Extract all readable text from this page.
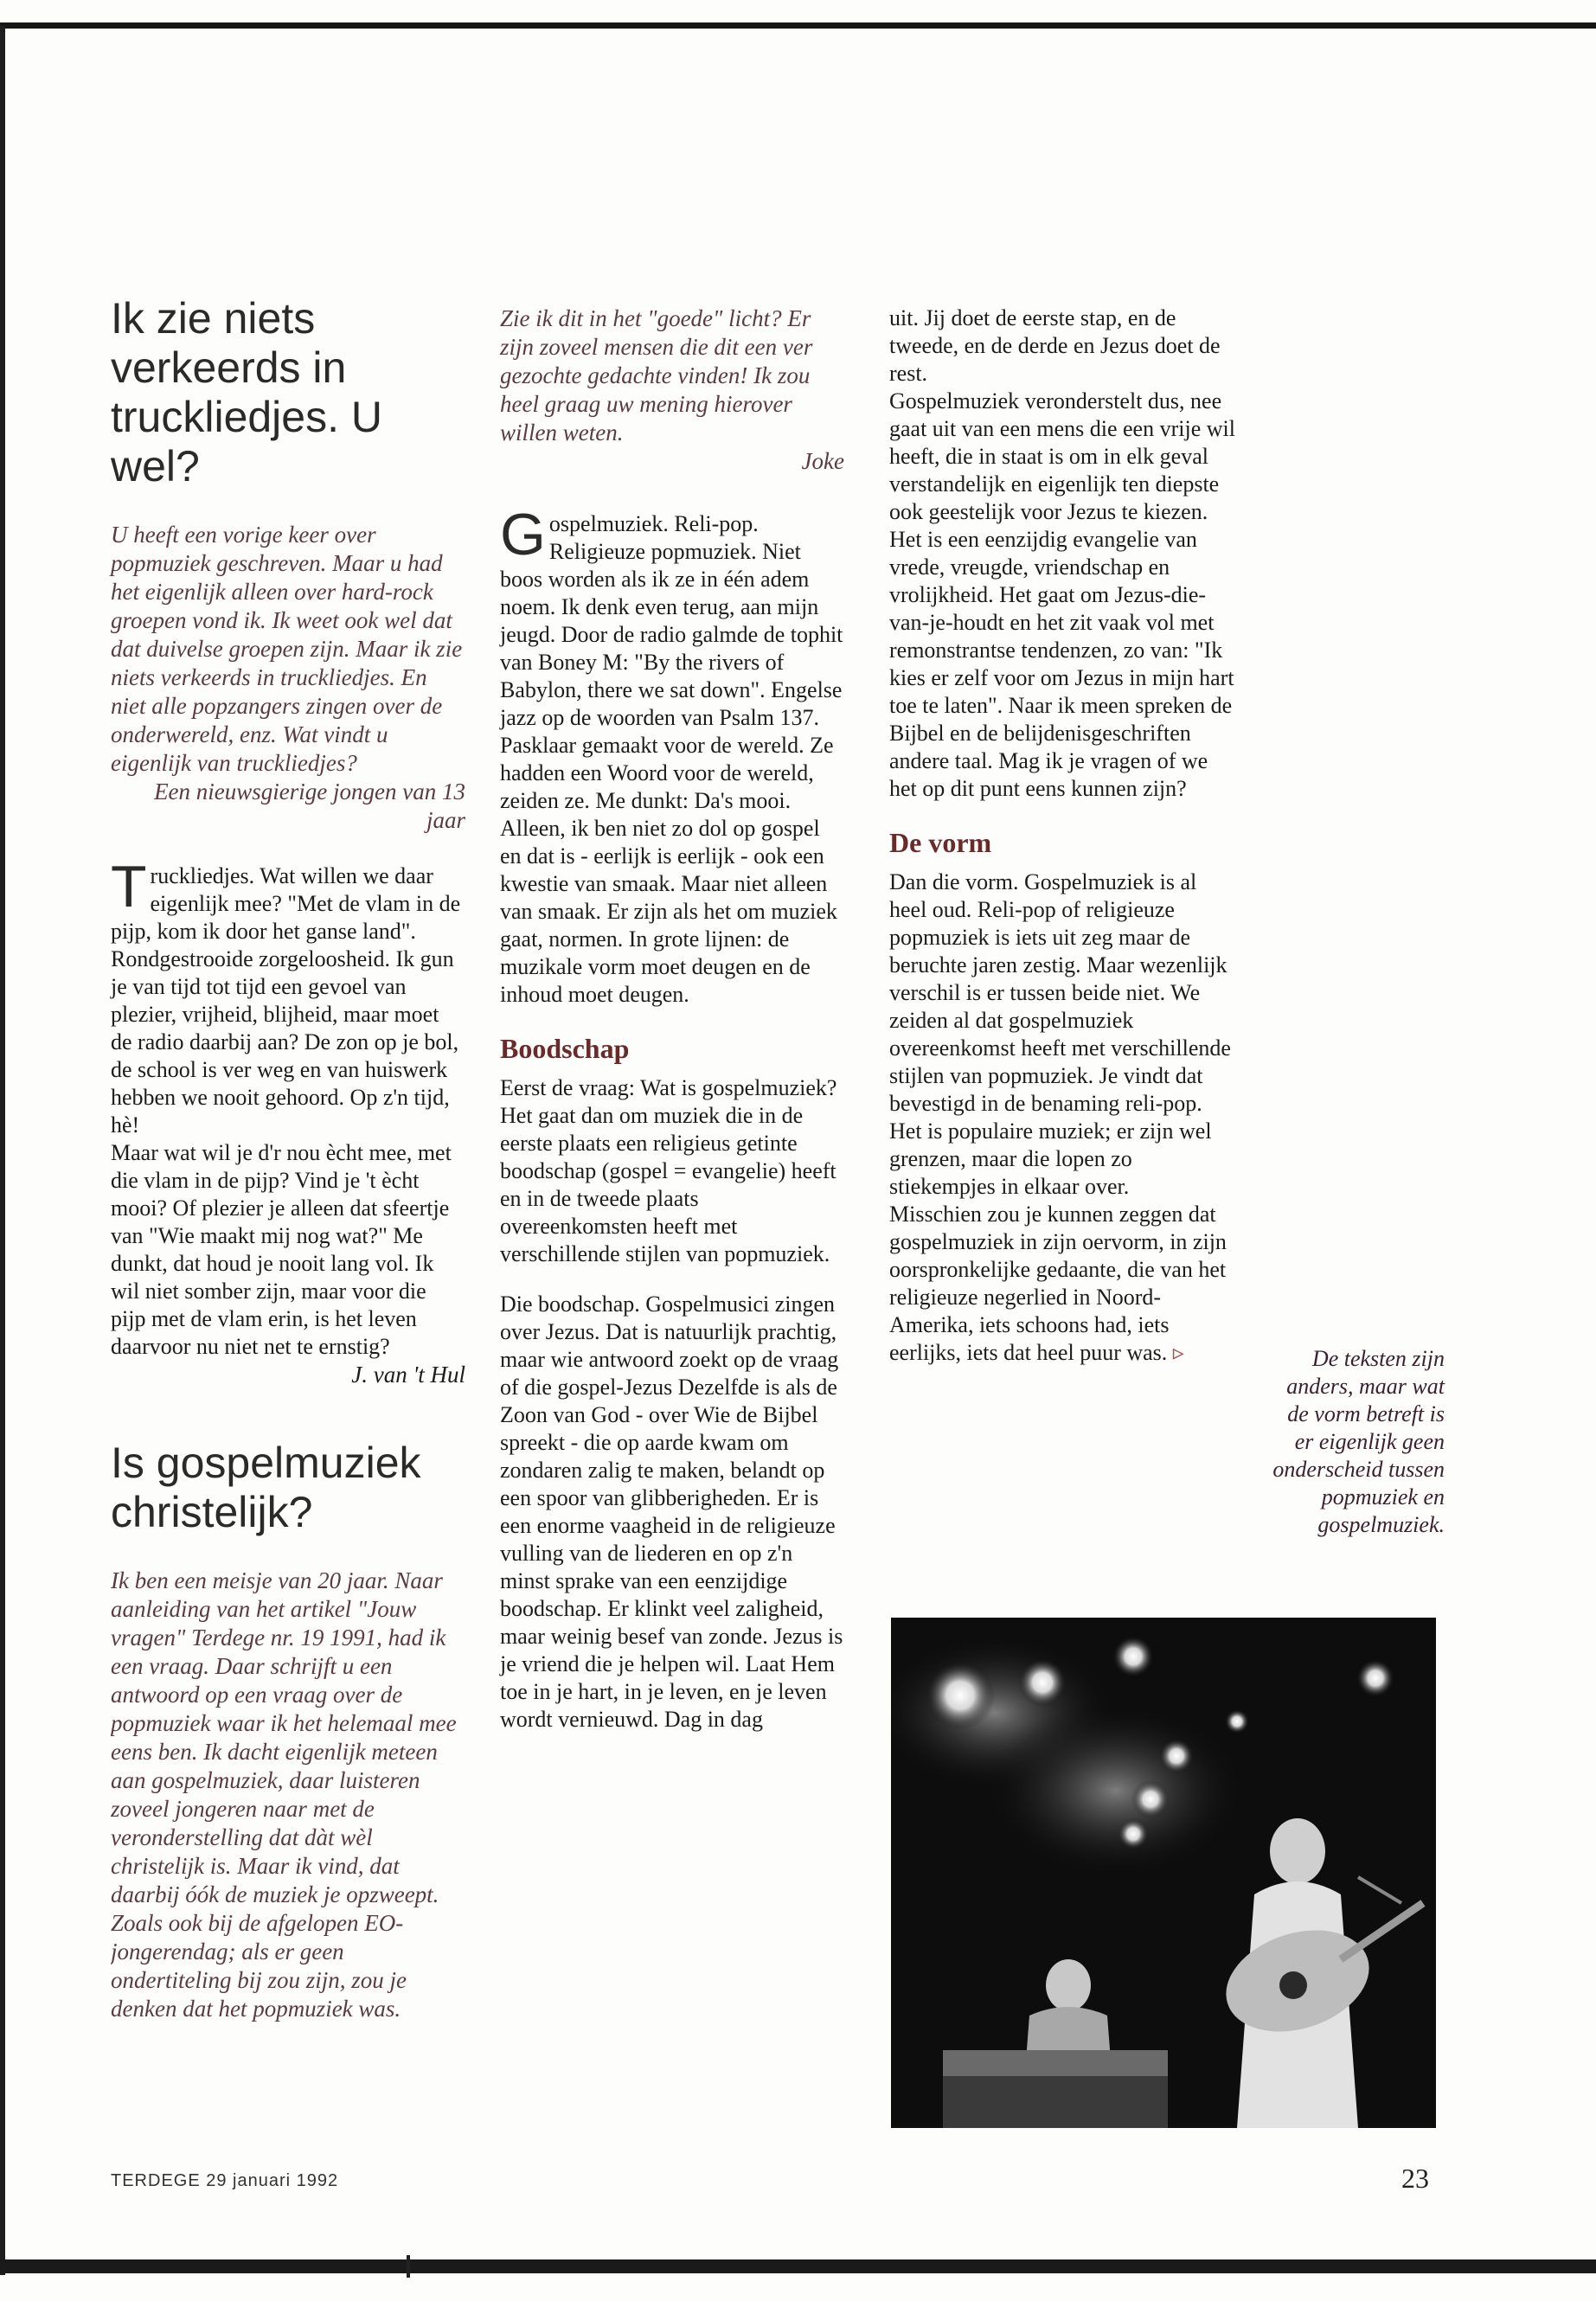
Ik zie niets verkeerds in truckliedjes. U wel?

U heeft een vorige keer over popmuziek geschreven. Maar u had het eigenlijk alleen over hard-rock groepen vond ik. Ik weet ook wel dat dat duivelse groepen zijn. Maar ik zie niets verkeerds in truckliedjes. En niet alle popzangers zingen over de onderwereld, enz. Wat vindt u eigenlijk van truckliedjes?

Een nieuwsgierige jongen van 13 jaar

Truckliedjes. Wat willen we daar eigenlijk mee? "Met de vlam in de pijp, kom ik door het ganse land". Rondgestrooide zorgeloosheid. Ik gun je van tijd tot tijd een gevoel van plezier, vrijheid, blijheid, maar moet de radio daarbij aan? De zon op je bol, de school is ver weg en van huiswerk hebben we nooit gehoord. Op z'n tijd, hè!

Maar wat wil je d'r nou ècht mee, met die vlam in de pijp? Vind je 't ècht mooi? Of plezier je alleen dat sfeertje van "Wie maakt mij nog wat?" Me dunkt, dat houd je nooit lang vol. Ik wil niet somber zijn, maar voor die pijp met de vlam erin, is het leven daarvoor nu niet net te ernstig?

J. van 't Hul

Is gospelmuziek christelijk?

Ik ben een meisje van 20 jaar. Naar aanleiding van het artikel "Jouw vragen" Terdege nr. 19 1991, had ik een vraag. Daar schrijft u een antwoord op een vraag over de popmuziek waar ik het helemaal mee eens ben. Ik dacht eigenlijk meteen aan gospelmuziek, daar luisteren zoveel jongeren naar met de veronderstelling dat dàt wèl christelijk is. Maar ik vind, dat daarbij óók de muziek je opzweept. Zoals ook bij de afgelopen EO-jongerendag; als er geen ondertiteling bij zou zijn, zou je denken dat het popmuziek was.

Zie ik dit in het "goede" licht? Er zijn zoveel mensen die dit een ver gezochte gedachte vinden! Ik zou heel graag uw mening hierover willen weten.

Joke

Gospelmuziek. Reli-pop. Religieuze popmuziek. Niet boos worden als ik ze in één adem noem. Ik denk even terug, aan mijn jeugd. Door de radio galmde de tophit van Boney M: "By the rivers of Babylon, there we sat down". Engelse jazz op de woorden van Psalm 137. Pasklaar gemaakt voor de wereld. Ze hadden een Woord voor de wereld, zeiden ze. Me dunkt: Da's mooi. Alleen, ik ben niet zo dol op gospel en dat is - eerlijk is eerlijk - ook een kwestie van smaak. Maar niet alleen van smaak. Er zijn als het om muziek gaat, normen. In grote lijnen: de muzikale vorm moet deugen en de inhoud moet deugen.

Boodschap

Eerst de vraag: Wat is gospelmuziek? Het gaat dan om muziek die in de eerste plaats een religieus getinte boodschap (gospel = evangelie) heeft en in de tweede plaats overeenkomsten heeft met verschillende stijlen van popmuziek.

Die boodschap. Gospelmusici zingen over Jezus. Dat is natuurlijk prachtig, maar wie antwoord zoekt op de vraag of die gospel-Jezus Dezelfde is als de Zoon van God - over Wie de Bijbel spreekt - die op aarde kwam om zondaren zalig te maken, belandt op een spoor van glibberigheden. Er is een enorme vaagheid in de religieuze vulling van de liederen en op z'n minst sprake van een eenzijdige boodschap. Er klinkt veel zaligheid, maar weinig besef van zonde. Jezus is je vriend die je helpen wil. Laat Hem toe in je hart, in je leven, en je leven wordt vernieuwd. Dag in dag

uit. Jij doet de eerste stap, en de tweede, en de derde en Jezus doet de rest.

Gospelmuziek veronderstelt dus, nee gaat uit van een mens die een vrije wil heeft, die in staat is om in elk geval verstandelijk en eigenlijk ten diepste ook geestelijk voor Jezus te kiezen. Het is een eenzijdig evangelie van vrede, vreugde, vriendschap en vrolijkheid. Het gaat om Jezus-die-van-je-houdt en het zit vaak vol met remonstrantse tendenzen, zo van: "Ik kies er zelf voor om Jezus in mijn hart toe te laten". Naar ik meen spreken de Bijbel en de belijdenisgeschriften andere taal. Mag ik je vragen of we het op dit punt eens kunnen zijn?

De vorm

Dan die vorm. Gospelmuziek is al heel oud. Reli-pop of religieuze popmuziek is iets uit zeg maar de beruchte jaren zestig. Maar wezenlijk verschil is er tussen beide niet. We zeiden al dat gospelmuziek overeenkomst heeft met verschillende stijlen van popmuziek. Je vindt dat bevestigd in de benaming reli-pop. Het is populaire muziek; er zijn wel grenzen, maar die lopen zo stiekempjes in elkaar over.

Misschien zou je kunnen zeggen dat gospelmuziek in zijn oervorm, in zijn oorspronkelijke gedaante, die van het religieuze negerlied in Noord-Amerika, iets schoons had, iets eerlijks, iets dat heel puur was. ▹	De teksten zijn anders, maar wat de vorm betreft is er eigenlijk geen onderscheid tussen popmuziek en gospelmuziek.
TERDEGE 29 januari 1992	23
